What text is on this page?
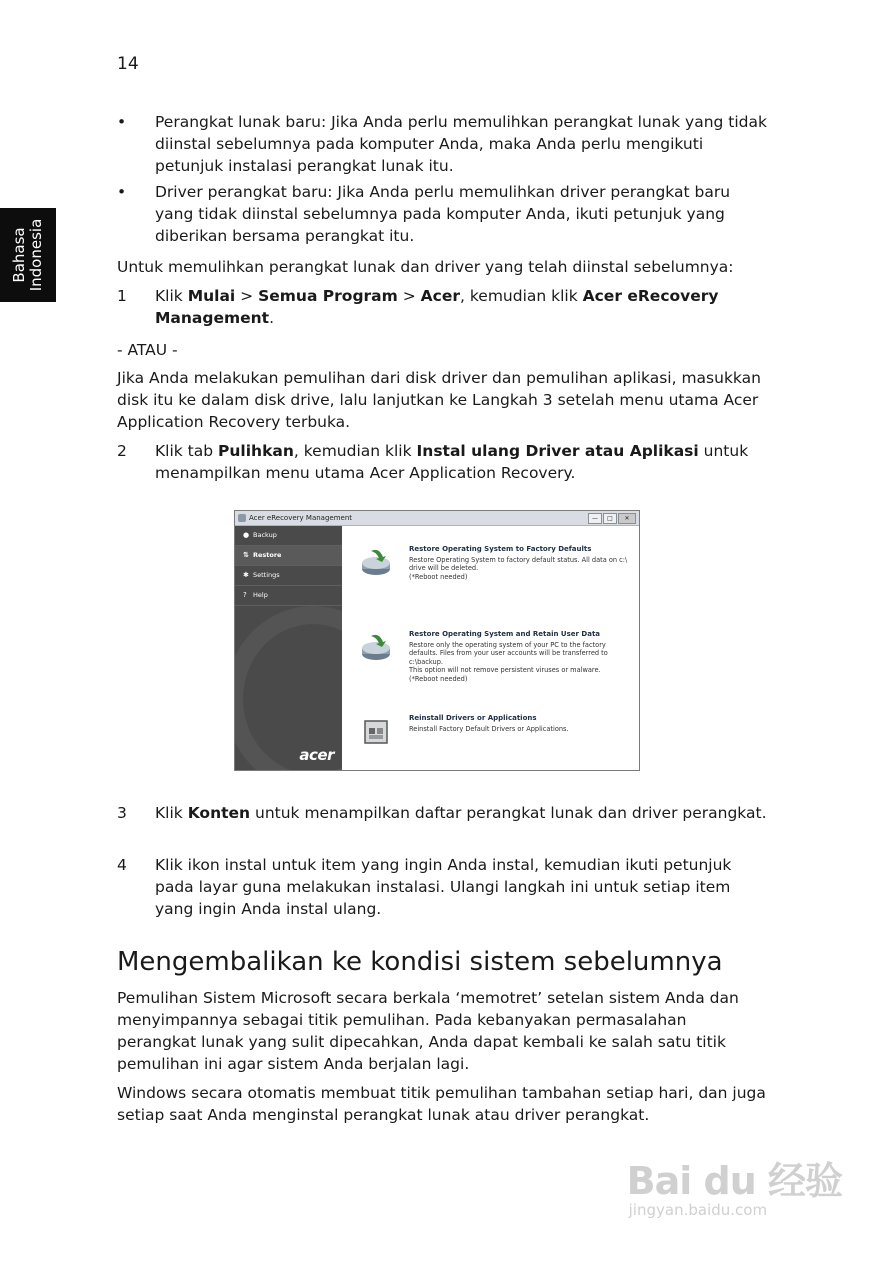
14
Bahasa Indonesia
• Perangkat lunak baru: Jika Anda perlu memulihkan perangkat lunak yang tidak diinstal sebelumnya pada komputer Anda, maka Anda perlu mengikuti petunjuk instalasi perangkat lunak itu.
• Driver perangkat baru: Jika Anda perlu memulihkan driver perangkat baru yang tidak diinstal sebelumnya pada komputer Anda, ikuti petunjuk yang diberikan bersama perangkat itu.

Untuk memulihkan perangkat lunak dan driver yang telah diinstal sebelumnya:

1 Klik Mulai > Semua Program > Acer, kemudian klik Acer eRecovery Management.

- ATAU -

Jika Anda melakukan pemulihan dari disk driver dan pemulihan aplikasi, masukkan disk itu ke dalam disk drive, lalu lanjutkan ke Langkah 3 setelah menu utama Acer Application Recovery terbuka.

2 Klik tab Pulihkan, kemudian klik Instal ulang Driver atau Aplikasi untuk menampilkan menu utama Acer Application Recovery.
Acer eRecovery Management	—	□	✕
● Backup
⇅ Restore
✱ Settings
? Help
acer
Restore Operating System to Factory Defaults
Restore Operating System to factory default status. All data on c:\
drive will be deleted.
(*Reboot needed)
Restore Operating System and Retain User Data
Restore only the operating system of your PC to the factory
defaults. Files from your user accounts will be transferred to
c:\backup.
This option will not remove persistent viruses or malware.
(*Reboot needed)
Reinstall Drivers or Applications
Reinstall Factory Default Drivers or Applications.
3 Klik Konten untuk menampilkan daftar perangkat lunak dan driver perangkat.
4 Klik ikon instal untuk item yang ingin Anda instal, kemudian ikuti petunjuk pada layar guna melakukan instalasi. Ulangi langkah ini untuk setiap item yang ingin Anda instal ulang.
Mengembalikan ke kondisi sistem sebelumnya

Pemulihan Sistem Microsoft secara berkala ‘memotret’ setelan sistem Anda dan menyimpannya sebagai titik pemulihan. Pada kebanyakan permasalahan perangkat lunak yang sulit dipecahkan, Anda dapat kembali ke salah satu titik pemulihan ini agar sistem Anda berjalan lagi.

Windows secara otomatis membuat titik pemulihan tambahan setiap hari, dan juga setiap saat Anda menginstal perangkat lunak atau driver perangkat.

Bai du 经验
jingyan.baidu.com
